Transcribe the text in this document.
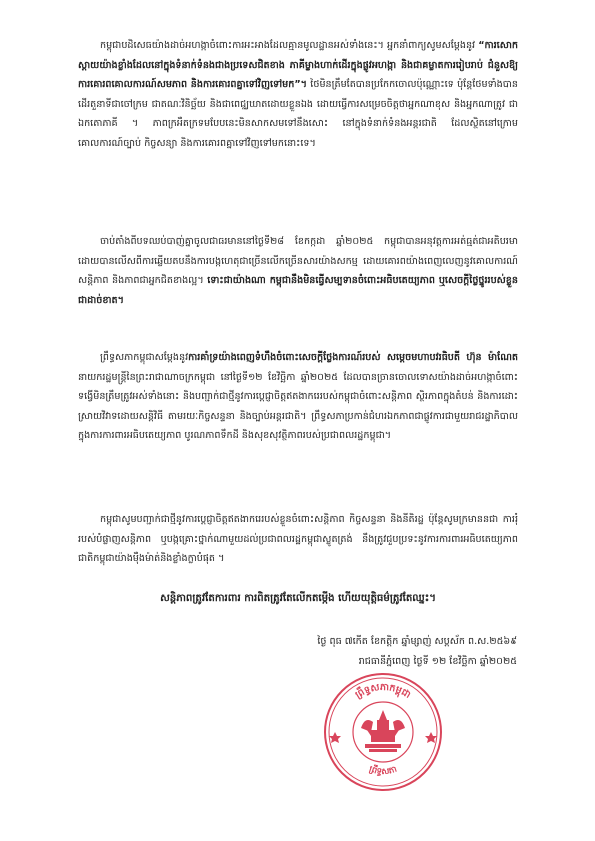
កម្ពុជាបដិសេធយ៉ាងដាច់អហង្កាចំពោះការអះអាងដែលគ្មានមូលដ្ឋានអស់ទាំងនេះ។ អ្នកនាំពាក្យសូមសម្ដែងនូវ “ការសោកស្ដាយយ៉ាងខ្លាំងដែលនៅក្នុងទំនាក់ទំនងជាងប្រទេសជិតខាង ភាគីម្ខាងហាក់ដើរក្នុងផ្លូវអហង្កា និងជាគម្លាតការរៀបរាប់ ជំនួសឱ្យការគោរពគោលការណ៍សមភាព និងការគោរពគ្នាទៅវិញទៅមក”។ ថៃមិនត្រឹមតែបានប្រកែកចោលប៉ុណ្ណោះទេ ប៉ុន្តែថែមទាំងបានដើរតួនាទីជាចៅក្រម ជាតណៈវិនិច្ឆ័យ និងជាពេជ្ឈឃាតដោយខ្លួនឯង ដោយធ្វើការសម្រេចចិត្តថាអ្នកណាខុស និងអ្នកណាត្រូវ ជាឯកតោភាគី ។ ភាពក្រអឺតក្រទមបែបនេះមិនសាកសមទៅនឹងសោះ នៅក្នុងទំនាក់ទំនងអន្តរជាតិ ដែលស្ថិតនៅក្រោមគោលការណ៍ច្បាប់ កិច្ចសន្យា និងការគោរពគ្នាទៅវិញទៅមកនោះទេ។

ចាប់តាំងពីបទឈប់បាញ់គ្នាចូលជាធរមាននៅថ្ងៃទី២៨ ខែកក្កដា ឆ្នាំ២០២៥ កម្ពុជាបានអនុវត្តការអត់ធ្មត់ជាអតិបរមា ដោយបានលើសពីការឆ្លើយតបនឹងការបង្កហេតុជាច្រើនលើកច្រើនសារយ៉ាងសកម្ម ដោយគោរពយ៉ាងពេញលេញនូវគោលការណ៍សន្តិភាព និងភាពជាអ្នកជិតខាងល្អ។ ទោះជាយ៉ាងណា កម្ពុជានឹងមិនធ្វើសម្បទានចំពោះអធិបតេយ្យភាព ឬសេចក្ដីថ្លៃថ្នូររបស់ខ្លួនជាដាច់ខាត។

ព្រឹទ្ធសភាកម្ពុជាសម្ដែងនូវការគាំទ្រយ៉ាងពេញទំហឹងចំពោះសេចក្ដីថ្លែងការណ៍របស់ សម្ដេចមហាបវរធិបតី ហ៊ុន ម៉ាណែត នាយករដ្ឋមន្ត្រីនៃព្រះរាជាណាចក្រកម្ពុជា នៅថ្ងៃទី១២ ខែវិច្ឆិកា ឆ្នាំ២០២៥ ដែលបានច្រានចោលទោសយ៉ាងដាច់អហង្កាចំពោះទង្វើមិនត្រឹមត្រូវអស់ទាំងនោះ និងបញ្ជាក់ជាថ្មីនូវការប្ដេជ្ញាចិត្តឥតងាករេរបស់កម្ពុជាចំពោះសន្តិភាព ស្ថិរភាពក្នុងតំបន់ និងការដោះស្រាយវិវាទដោយសន្តិវិធី តាមរយៈកិច្ចសន្ទនា និងច្បាប់អន្តរជាតិ។ ព្រឹទ្ធសភាប្រកាន់ជំហរឯកភាពជាផ្លូវការជាមួយរាជរដ្ឋាភិបាលក្នុងការការពារអធិបតេយ្យភាព បូរណភាពទឹកដី និងសុខសុវត្ថិភាពរបស់ប្រជាពលរដ្ឋកម្ពុជា។

កម្ពុជាសូមបញ្ជាក់ជាថ្មីនូវការប្ដេជ្ញាចិត្តឥតងាករេរបស់ខ្លួនចំពោះសន្តិភាព កិច្ចសន្ទនា និងនីតិរដ្ឋ ប៉ុន្តែសូមក្រមាននជា ការរុំរបស់បំផ្លាញសន្តិភាព ឬបង្កគ្រោះថ្នាក់ណាមួយដល់ប្រជាពលរដ្ឋកម្ពុជាស្លូតត្រង់ នឹងត្រូវជួបប្រទះនូវការការពារអធិបតេយ្យភាពជាតិកម្ពុជាយ៉ាងម៉ឺងម៉ាត់និងខ្លាំងក្លាបំផុត ។

សន្តិភាពត្រូវតែការពារ ការពិតត្រូវតែលើកតម្កើង ហើយយុត្តិធម៌ត្រូវតែឈ្នះ។
ថ្ងៃ ពុធ ៧កើត ខែកត្តិក ឆ្នាំម្សាញ់ សប្តស័ក ព.ស.២៥៦៩
រាជធានីភ្នំពេញ ថ្ងៃទី ១២ ខែវិច្ឆិកា ឆ្នាំ២០២៥
ព្រឹទ្ធសភាកម្ពុជា
ព្រឹទ្ធសភា
